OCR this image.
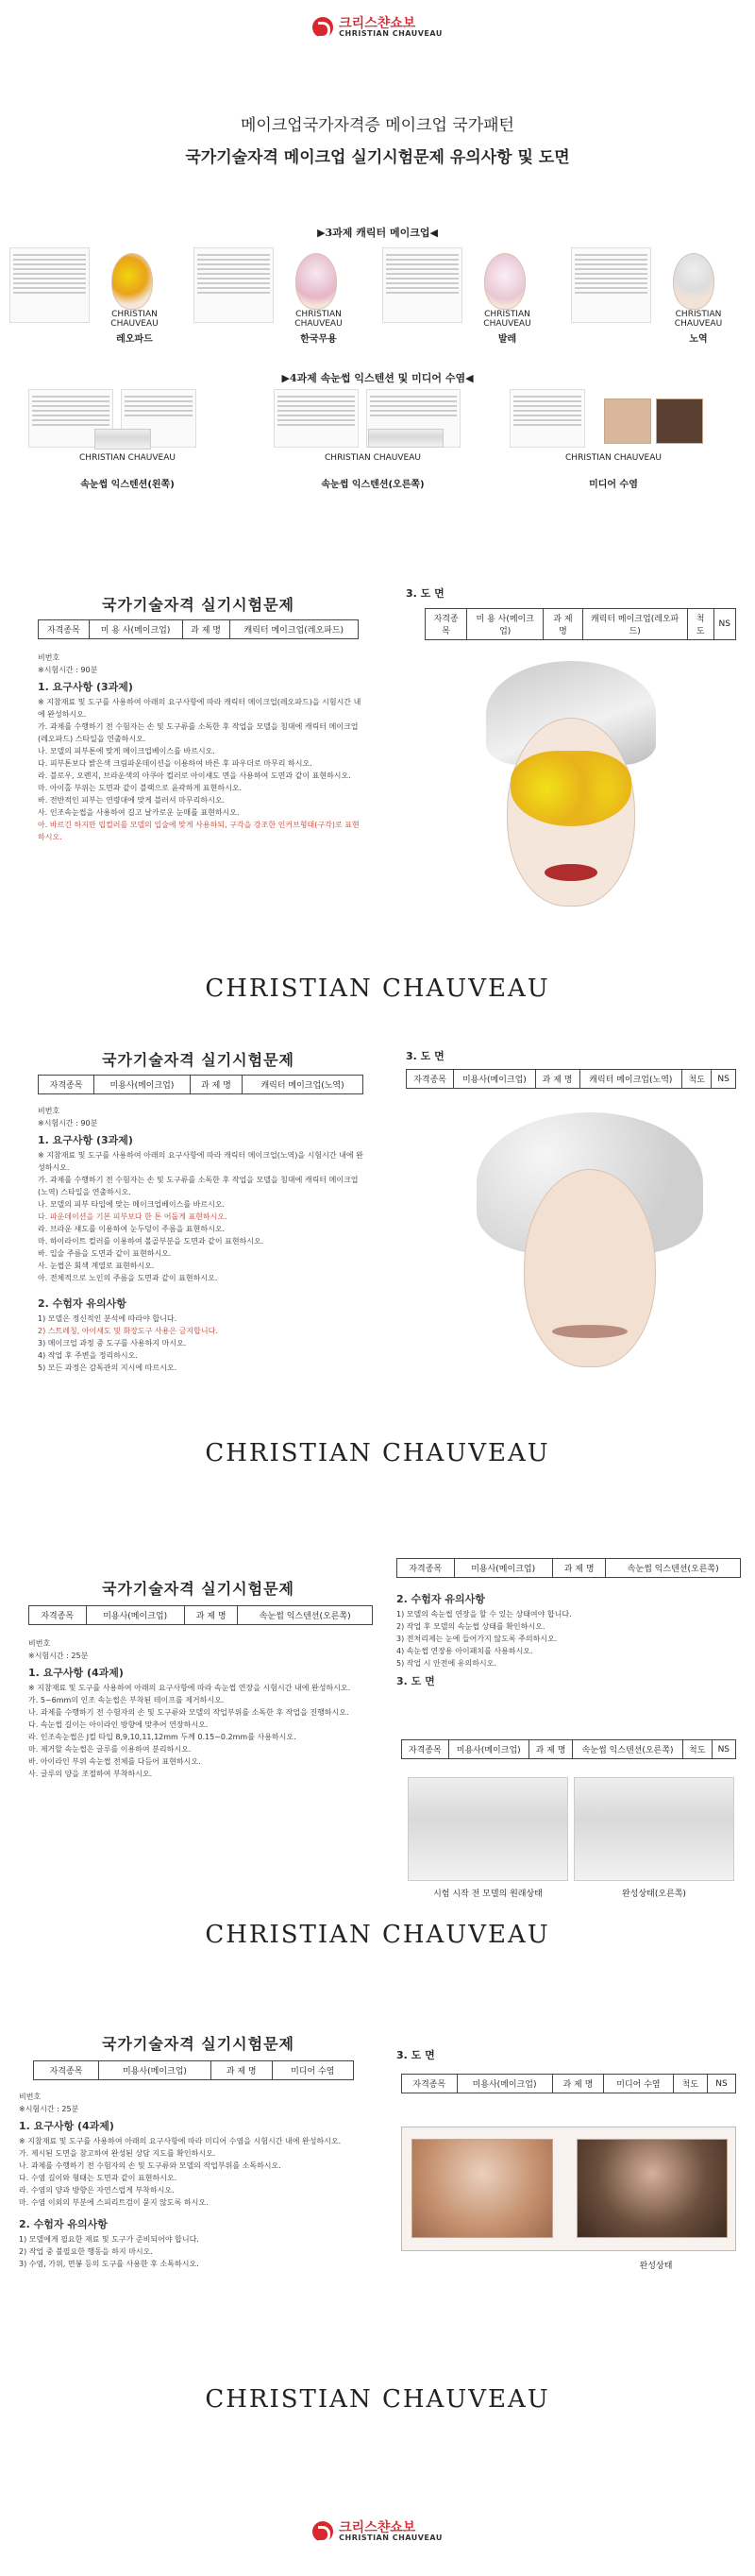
크리스챤쇼보
CHRISTIAN CHAUVEAU
메이크업국가자격증 메이크업 국가패턴
국가기술자격 메이크업 실기시험문제 유의사항 및 도면
▶3과제 캐릭터 메이크업◀
CHRISTIAN CHAUVEAU
레오파드
CHRISTIAN CHAUVEAU
한국무용
CHRISTIAN CHAUVEAU
발레
CHRISTIAN CHAUVEAU
노역
▶4과제 속눈썹 익스텐션 및 미디어 수염◀
CHRISTIAN CHAUVEAU
속눈썹 익스텐션(왼쪽)
CHRISTIAN CHAUVEAU
속눈썹 익스텐션(오른쪽)
CHRISTIAN CHAUVEAU
미디어 수염
국가기술자격 실기시험문제
자격종목	미 용 사(메이크업)	과 제 명	캐릭터 메이크업(레오파드)
비번호
※시험시간 : 90분
1. 요구사항 (3과제)
※ 지참재료 및 도구를 사용하여 아래의 요구사항에 따라 캐릭터 메이크업(레오파드)을 시험시간 내에 완성하시오.
가. 과제를 수행하기 전 수험자는 손 및 도구류를 소독한 후 작업을 모델을 침대에 캐릭터 메이크업(레오파드) 스타일을 연출하시오.
나. 모델의 피부톤에 맞게 메이크업베이스를 바르시오.
다. 피부톤보다 밝은색 크림파운데이션을 이용하여 바른 후 파우더로 마무리 하시오.
라. 블로우, 오렌지, 브라운색의 아쿠아 컬러로 아이섀도 면을 사용하여 도면과 같이 표현하시오.
마. 아이홀 부위는 도면과 같이 블랙으로 윤곽하게 표현하시오.
바. 전반적인 피부는 연령대에 맞게 블러셔 마무리하시오.
사. 인조속눈썹을 사용하여 길고 날카로운 눈매를 표현하시오.
아. 바르긴 하지만 립컬러를 모델의 입술에 맞게 사용하되, 구각을 강조한 인커브형태(구각)로 표현하시오.
3. 도 면
자격종목	미 용 사(메이크업)	과 제 명	캐릭터 메이크업(레오파드)	척도	NS
CHRISTIAN CHAUVEAU
국가기술자격 실기시험문제
자격종목	미용사(메이크업)	과 제 명	캐릭터 메이크업(노역)
비번호
※시험시간 : 90분
1. 요구사항 (3과제)
※ 지참재료 및 도구를 사용하여 아래의 요구사항에 따라 캐릭터 메이크업(노역)을 시험시간 내에 완성하시오.
가. 과제를 수행하기 전 수험자는 손 및 도구류를 소독한 후 작업을 모델을 침대에 캐릭터 메이크업(노역) 스타일을 연출하시오.
나. 모델의 피부 타입에 맞는 메이크업베이스를 바르시오.
다. 파운데이션을 기본 피부보다 한 톤 어둡게 표현하시오.
라. 브라운 섀도를 이용하여 눈두덩이 주름을 표현하시오.
마. 하이라이트 컬러를 이용하여 볼골부분을 도면과 같이 표현하시오.
바. 입술 주름을 도면과 같이 표현하시오.
사. 눈썹은 회색 계열로 표현하시오.
아. 전체적으로 노인의 주름을 도면과 같이 표현하시오.
2. 수험자 유의사항
1) 모델은 정신적인 분석에 따라야 합니다.
2) 스트레칭, 아이섀도 및 화장도구 사용은 금지합니다.
3) 메이크업 과정 중 도구를 사용하지 마시오.
4) 작업 후 주변을 정리하시오.
5) 모든 과정은 감독관의 지시에 따르시오.
3. 도 면
자격종목	미용사(메이크업)	과 제 명	캐릭터 메이크업(노역)	척도	NS
CHRISTIAN CHAUVEAU
자격종목	미용사(메이크업)	과 제 명	속눈썹 익스텐션(오른쪽)
2. 수험자 유의사항
1) 모델의 속눈썹 연장을 할 수 있는 상태여야 합니다.
2) 작업 후 모델의 속눈썹 상태를 확인하시오.
3) 전처리제는 눈에 들어가지 않도록 주의하시오.
4) 속눈썹 연장용 아이패치를 사용하시오.
5) 작업 시 안전에 유의하시오.
3. 도 면
자격종목	미용사(메이크업)	과 제 명	속눈썹 익스텐션(오른쪽)	척도	NS
시험 시작 전 모델의 원래상태	완성상태(오른쪽)
국가기술자격 실기시험문제
자격종목	미용사(메이크업)	과 제 명	속눈썹 익스텐션(오른쪽)
비번호
※시험시간 : 25분
1. 요구사항 (4과제)
※ 지참재료 및 도구를 사용하여 아래의 요구사항에 따라 속눈썹 연장을 시험시간 내에 완성하시오.
가. 5~6mm의 인조 속눈썹은 부착된 테이프를 제거하시오.
나. 과제를 수행하기 전 수험자의 손 및 도구류와 모델의 작업부위를 소독한 후 작업을 진행하시오.
다. 속눈썹 길이는 아이라인 방향에 맞추어 연장하시오.
라. 인조속눈썹은 J컬 타입 8,9,10,11,12mm 두께 0.15~0.2mm를 사용하시오.
마. 제거할 속눈썹은 글루를 이용하여 분리하시오.
바. 아이라인 부위 속눈썹 전체를 다듬어 표현하시오.
사. 글루의 양을 조절하여 부착하시오.
CHRISTIAN CHAUVEAU
국가기술자격 실기시험문제
자격종목	미용사(메이크업)	과 제 명	미디어 수염
비번호
※시험시간 : 25분
1. 요구사항 (4과제)
※ 지참재료 및 도구를 사용하여 아래의 요구사항에 따라 미디어 수염을 시험시간 내에 완성하시오.
가. 제시된 도면을 참고하여 완성된 상담 지도를 확인하시오.
나. 과제를 수행하기 전 수험자의 손 및 도구류와 모델의 작업부위를 소독하시오.
다. 수염 길이와 형태는 도면과 같이 표현하시오.
라. 수염의 양과 방향은 자연스럽게 부착하시오.
마. 수염 이외의 부분에 스피리트검이 묻지 않도록 하시오.
2. 수험자 유의사항
1) 모델에게 필요한 재료 및 도구가 준비되어야 합니다.
2) 작업 중 불필요한 행동을 하지 마시오.
3) 수염, 가위, 면봉 등의 도구를 사용한 후 소독하시오.
3. 도 면
자격종목	미용사(메이크업)	과 제 명	미디어 수염	척도	NS
완성상태
CHRISTIAN CHAUVEAU
크리스챤쇼보
CHRISTIAN CHAUVEAU
